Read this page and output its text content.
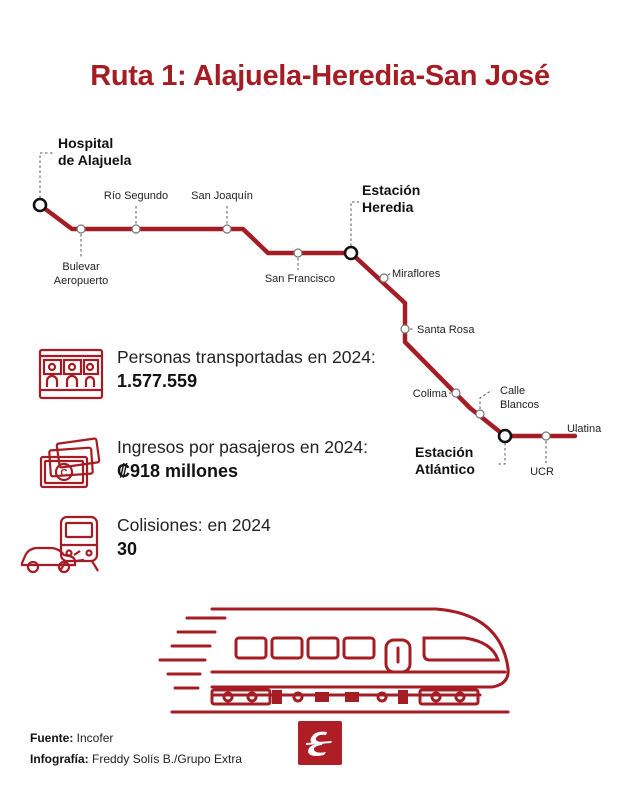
Ruta 1: Alajuela-Heredia-San José
Hospital
de Alajuela
Estación
Heredia
Estación
Atlántico
Bulevar
Aeropuerto
Río Segundo San Joaquín
San Francisco	Miraflores
Santa Rosa
Colima	Calle
Blancos
UCR
Ulatina
Personas transportadas en 2024:
1.577.559
C
Ingresos por pasajeros en 2024:
₡918 millones
Colisiones: en 2024
30
Fuente: Incofer
Infografía: Freddy Solís B./Grupo Extra
